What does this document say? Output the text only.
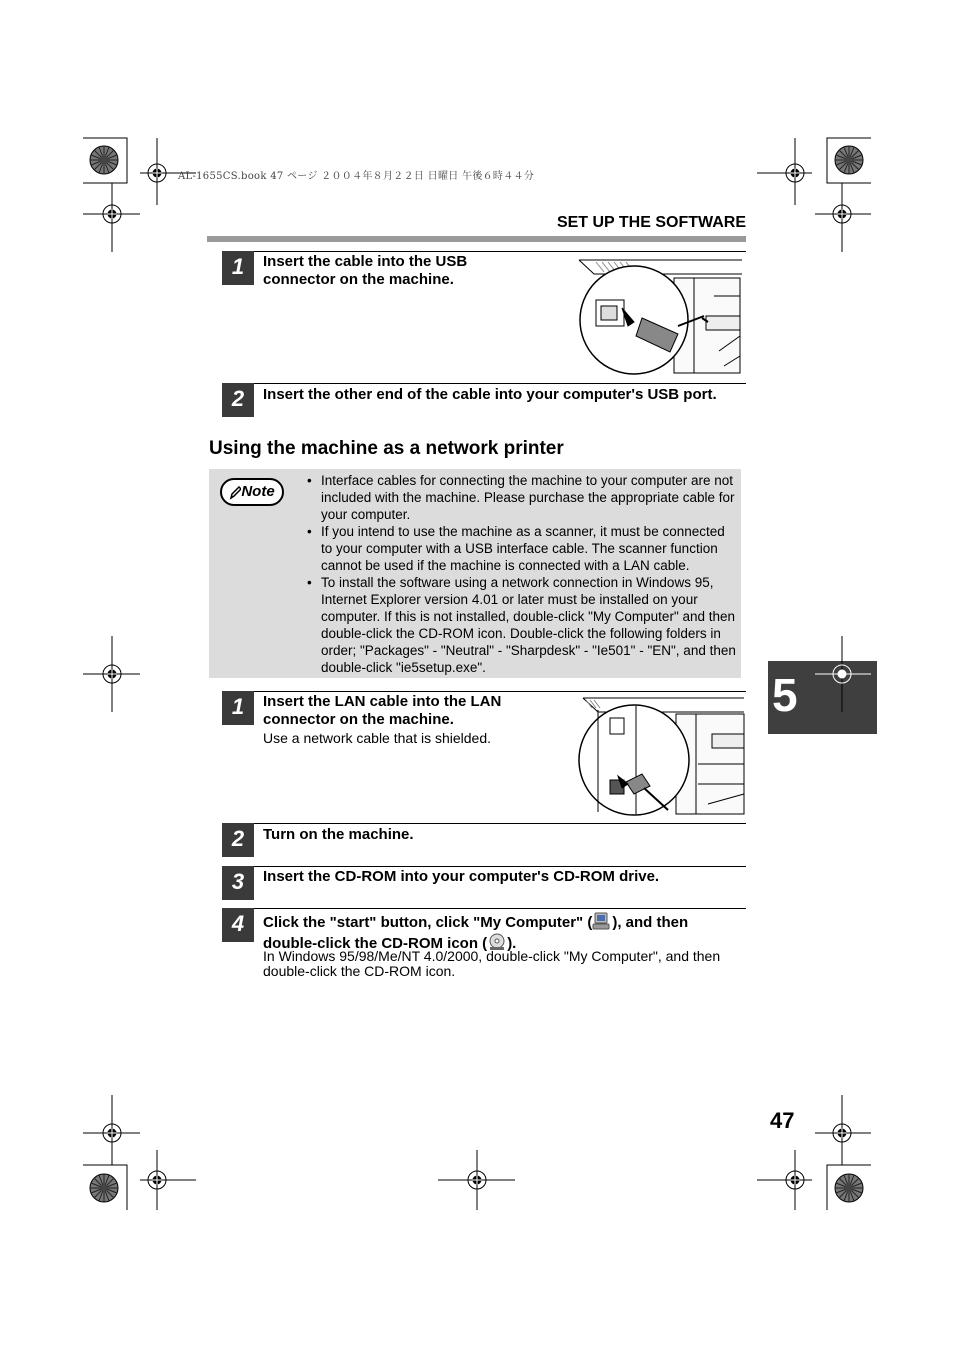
AL-1655CS.book 47 ページ ２００４年８月２２日 日曜日 午後６時４４分
SET UP THE SOFTWARE
1	Insert the cable into the USB connector on the machine.
2	Insert the other end of the cable into your computer's USB port.
Using the machine as a network printer
Note
• Interface cables for connecting the machine to your computer are not included with the machine. Please purchase the appropriate cable for your computer.
• If you intend to use the machine as a scanner, it must be connected to your computer with a USB interface cable. The scanner function cannot be used if the machine is connected with a LAN cable.
• To install the software using a network connection in Windows 95, Internet Explorer version 4.01 or later must be installed on your computer. If this is not installed, double-click "My Computer" and then double-click the CD-ROM icon. Double-click the following folders in order; "Packages" - "Neutral" - "Sharpdesk" - "Ie501" - "EN", and then double-click "ie5setup.exe".
1	Insert the LAN cable into the LAN connector on the machine.
Use a network cable that is shielded.
2	Turn on the machine.
3	Insert the CD-ROM into your computer's CD-ROM drive.
4	Click the "start" button, click "My Computer" ( ), and then double-click the CD-ROM icon ( ).
In Windows 95/98/Me/NT 4.0/2000, double-click "My Computer", and then double-click the CD-ROM icon.
5
47
